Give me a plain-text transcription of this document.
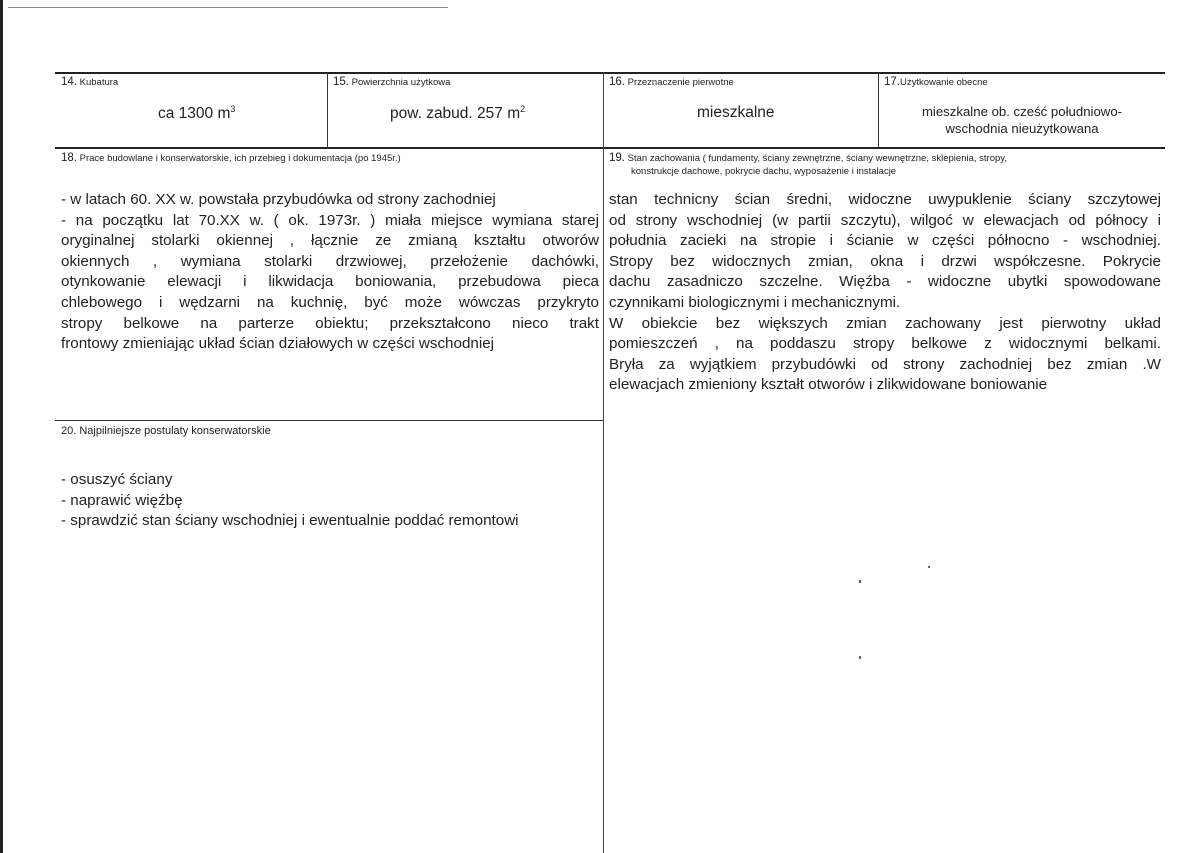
14. Kubatura
ca 1300 $m^3$
15. Powierzchnia użytkowa
pow. zabud. 257 $m^2$
16. Przeznaczenie pierwotne
mieszkalne
17.Użytkowanie obecne
mieszkalne ob. cześć południowo-
wschodnia nieużytkowana
18. Prace budowlane i konserwatorskie, ich przebieg i dokumentacja (po 1945r.)
- w latach 60. XX w. powstała przybudówka od strony zachodniej
- na początku lat 70.XX w. ( ok. 1973r. ) miała miejsce wymiana starej
oryginalnej stolarki okiennej , łącznie ze zmianą kształtu otworów
okiennych , wymiana stolarki drzwiowej, przełożenie dachówki,
otynkowanie elewacji i likwidacja boniowania, przebudowa pieca
chlebowego i wędzarni na kuchnię, być może wówczas przykryto
stropy belkowe na parterze obiektu; przekształcono nieco trakt
frontowy zmieniając układ ścian działowych w części wschodniej
19. Stan zachowania ( fundamenty, ściany zewnętrzne, ściany wewnętrzne, sklepienia, stropy,
konstrukcje dachowe, pokrycie dachu, wyposażenie i instalacje
stan technicny ścian średni, widoczne uwypuklenie ściany szczytowej
od strony wschodniej (w partii szczytu), wilgoć w elewacjach od północy i
południa zacieki na stropie i ścianie w części północno - wschodniej.
Stropy bez widocznych zmian, okna i drzwi współczesne. Pokrycie
dachu zasadniczo szczelne. Więźba - widoczne ubytki spowodowane
czynnikami biologicznymi i mechanicznymi.
W obiekcie bez większych zmian zachowany jest pierwotny układ
pomieszczeń , na poddaszu stropy belkowe z widocznymi belkami.
Bryła za wyjątkiem przybudówki od strony zachodniej bez zmian .W
elewacjach zmieniony kształt otworów i zlikwidowane boniowanie
20. Najpilniejsze postulaty konserwatorskie
- osuszyć ściany
- naprawić więźbę
- sprawdzić stan ściany wschodniej i ewentualnie poddać remontowi
